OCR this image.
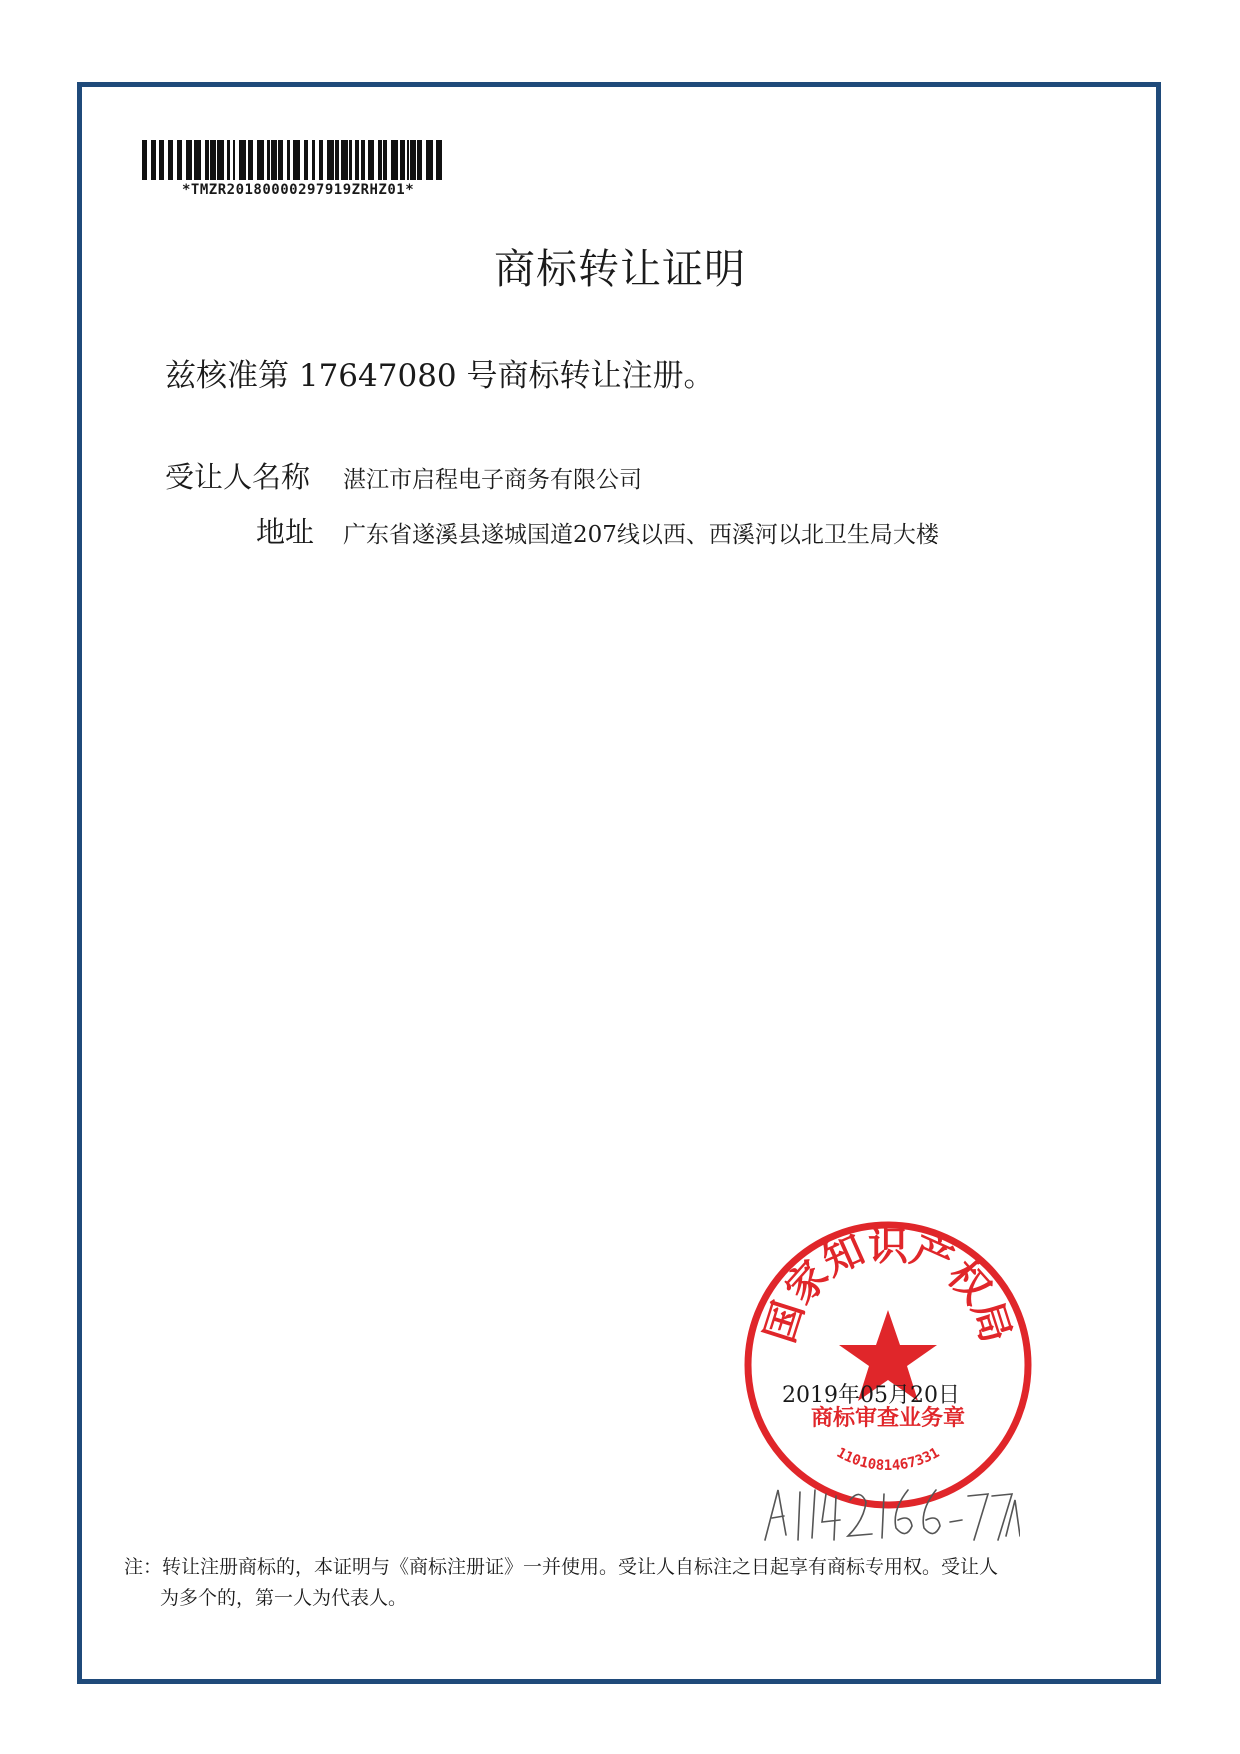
*TMZR20180000297919ZRHZ01*
商标转让证明
兹核准第 17647080 号商标转让注册。
受让人名称 湛江市启程电子商务有限公司
地址 广东省遂溪县遂城国道207线以西、西溪河以北卫生局大楼
国家知识产权局
商标审查业务章
1101081467331
2019年05月20日
注：转让注册商标的，本证明与《商标注册证》一并使用。受让人自标注之日起享有商标专用权。受让人
为多个的，第一人为代表人。
